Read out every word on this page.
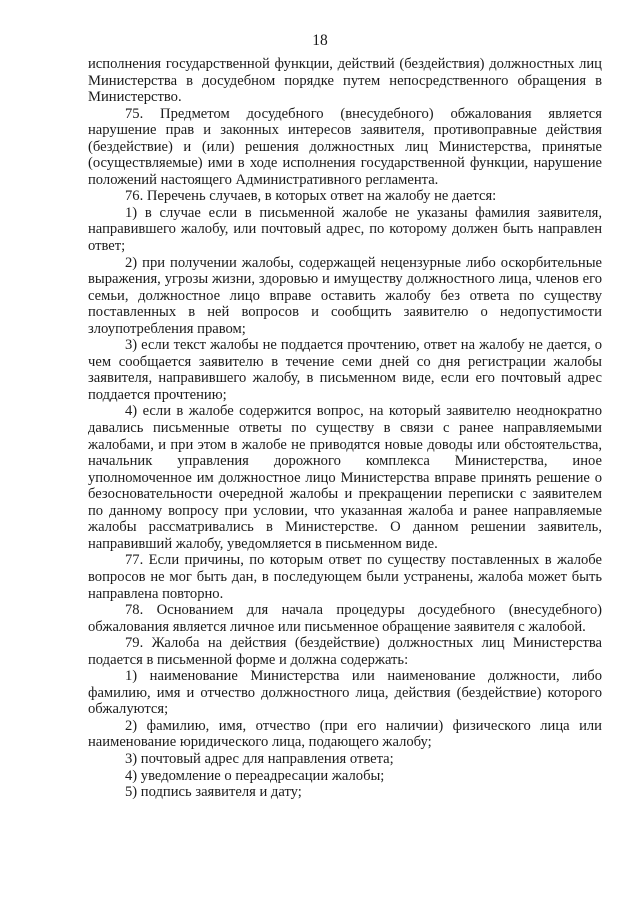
18

исполнения государственной функции, действий (бездействия) должностных лиц Министерства в досудебном порядке путем непосредственного обращения в Министерство.

75. Предметом досудебного (внесудебного) обжалования является нарушение прав и законных интересов заявителя, противоправные действия (бездействие) и (или) решения должностных лиц Министерства, принятые (осуществляемые) ими в ходе исполнения государственной функции, нарушение положений настоящего Административного регламента.

76. Перечень случаев, в которых ответ на жалобу не дается:

1) в случае если в письменной жалобе не указаны фамилия заявителя, направившего жалобу, или почтовый адрес, по которому должен быть направлен ответ;

2) при получении жалобы, содержащей нецензурные либо оскорбительные выражения, угрозы жизни, здоровью и имуществу должностного лица, членов его семьи, должностное лицо вправе оставить жалобу без ответа по существу поставленных в ней вопросов и сообщить заявителю о недопустимости злоупотребления правом;

3) если текст жалобы не поддается прочтению, ответ на жалобу не дается, о чем сообщается заявителю в течение семи дней со дня регистрации жалобы заявителя, направившего жалобу, в письменном виде, если его почтовый адрес поддается прочтению;

4) если в жалобе содержится вопрос, на который заявителю неоднократно давались письменные ответы по существу в связи с ранее направляемыми жалобами, и при этом в жалобе не приводятся новые доводы или обстоятельства, начальник управления дорожного комплекса Министерства, иное уполномоченное им должностное лицо Министерства вправе принять решение о безосновательности очередной жалобы и прекращении переписки с заявителем по данному вопросу при условии, что указанная жалоба и ранее направляемые жалобы рассматривались в Министерстве. О данном решении заявитель, направивший жалобу, уведомляется в письменном виде.

77. Если причины, по которым ответ по существу поставленных в жалобе вопросов не мог быть дан, в последующем были устранены, жалоба может быть направлена повторно.

78. Основанием для начала процедуры досудебного (внесудебного) обжалования является личное или письменное обращение заявителя с жалобой.

79. Жалоба на действия (бездействие) должностных лиц Министерства подается в письменной форме и должна содержать:

1) наименование Министерства или наименование должности, либо фамилию, имя и отчество должностного лица, действия (бездействие) которого обжалуются;

2) фамилию, имя, отчество (при его наличии) физического лица или наименование юридического лица, подающего жалобу;

3) почтовый адрес для направления ответа;

4) уведомление о переадресации жалобы;

5) подпись заявителя и дату;
